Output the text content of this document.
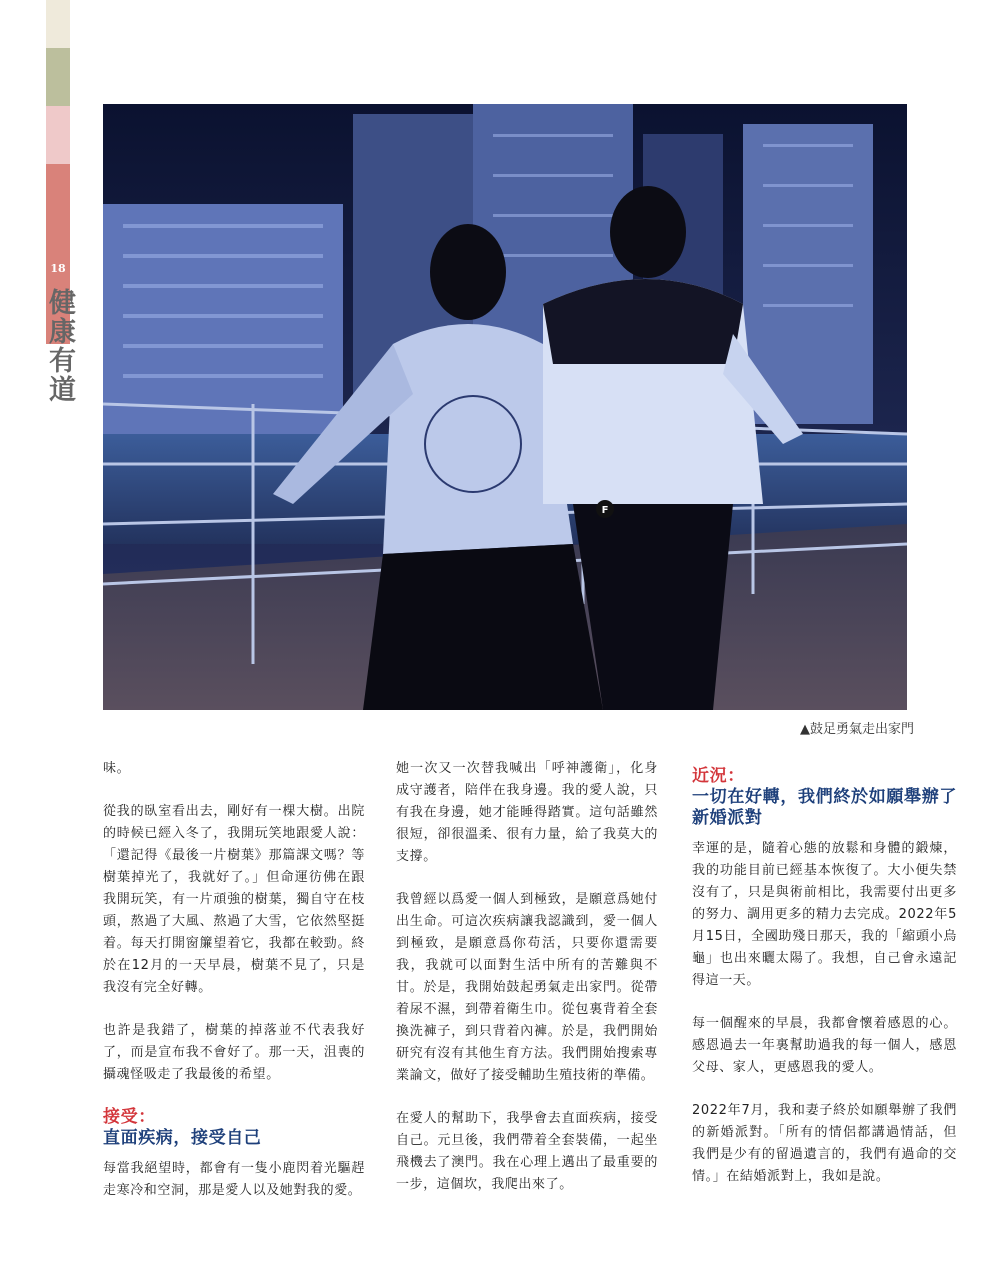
18
健康有道
F
▲鼓足勇氣走出家門

味。

從我的臥室看出去，剛好有一棵大樹。出院的時候已經入冬了，我開玩笑地跟愛人說：「還記得《最後一片樹葉》那篇課文嗎？等樹葉掉光了，我就好了。」但命運彷佛在跟我開玩笑，有一片頑強的樹葉，獨自守在枝頭，熬過了大風、熬過了大雪，它依然堅挺着。每天打開窗簾望着它，我都在較勁。終於在12月的一天早晨，樹葉不見了，只是我沒有完全好轉。

也許是我錯了，樹葉的掉落並不代表我好了，而是宣布我不會好了。那一天，沮喪的攝魂怪吸走了我最後的希望。

接受：
直面疾病，接受自己

每當我絕望時，都會有一隻小鹿閃着光驅趕走寒冷和空洞，那是愛人以及她對我的愛。

她一次又一次替我喊出「呼神護衛」，化身成守護者，陪伴在我身邊。我的愛人說，只有我在身邊，她才能睡得踏實。這句話雖然很短，卻很溫柔、很有力量，給了我莫大的支撐。

我曾經以爲愛一個人到極致，是願意爲她付出生命。可這次疾病讓我認識到，愛一個人到極致，是願意爲你苟活，只要你還需要我，我就可以面對生活中所有的苦難與不甘。於是，我開始鼓起勇氣走出家門。從帶着尿不濕，到帶着衛生巾。從包裏背着全套換洗褲子，到只背着內褲。於是，我們開始研究有沒有其他生育方法。我們開始搜索專業論文，做好了接受輔助生殖技術的準備。

在愛人的幫助下，我學會去直面疾病，接受自己。元旦後，我們帶着全套裝備，一起坐飛機去了澳門。我在心理上邁出了最重要的一步，這個坎，我爬出來了。

近況：
一切在好轉，我們終於如願舉辦了新婚派對

幸運的是，隨着心態的放鬆和身體的鍛煉，我的功能目前已經基本恢復了。大小便失禁沒有了，只是與術前相比，我需要付出更多的努力、調用更多的精力去完成。2022年5月15日，全國助殘日那天，我的「縮頭小烏龜」也出來曬太陽了。我想，自己會永遠記得這一天。

每一個醒來的早晨，我都會懷着感恩的心。感恩過去一年裏幫助過我的每一個人，感恩父母、家人，更感恩我的愛人。

2022年7月，我和妻子終於如願舉辦了我們的新婚派對。「所有的情侶都講過情話，但我們是少有的留過遺言的，我們有過命的交情。」在結婚派對上，我如是說。
